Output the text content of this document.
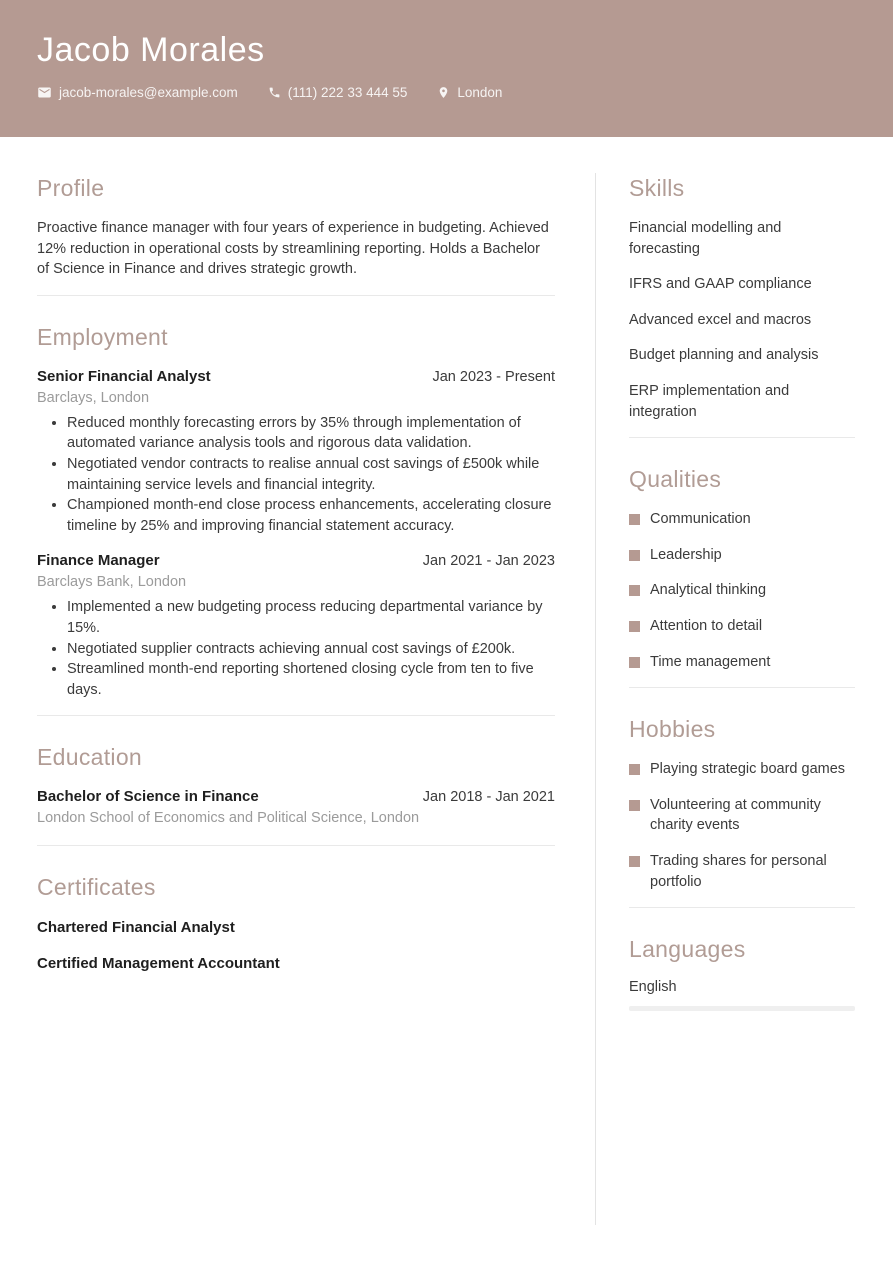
Jacob Morales
jacob-morales@example.com	(111) 222 33 444 55	London
Profile

Proactive finance manager with four years of experience in budgeting. Achieved 12% reduction in operational costs by streamlining reporting. Holds a Bachelor of Science in Finance and drives strategic growth.

Employment
Senior Financial Analyst	Jan 2023 - Present
Barclays, London
• Reduced monthly forecasting errors by 35% through implementation of automated variance analysis tools and rigorous data validation.
• Negotiated vendor contracts to realise annual cost savings of £500k while maintaining service levels and financial integrity.
• Championed month-end close process enhancements, accelerating closure timeline by 25% and improving financial statement accuracy.
Finance Manager	Jan 2021 - Jan 2023
Barclays Bank, London
• Implemented a new budgeting process reducing departmental variance by 15%.
• Negotiated supplier contracts achieving annual cost savings of £200k.
• Streamlined month-end reporting shortened closing cycle from ten to five days.
Education
Bachelor of Science in Finance	Jan 2018 - Jan 2021
London School of Economics and Political Science, London
Certificates
Chartered Financial Analyst
Certified Management Accountant
Skills
Financial modelling and forecasting
IFRS and GAAP compliance
Advanced excel and macros
Budget planning and analysis
ERP implementation and integration
Qualities
Communication
Leadership
Analytical thinking
Attention to detail
Time management
Hobbies
Playing strategic board games
Volunteering at community charity events
Trading shares for personal portfolio
Languages
English
